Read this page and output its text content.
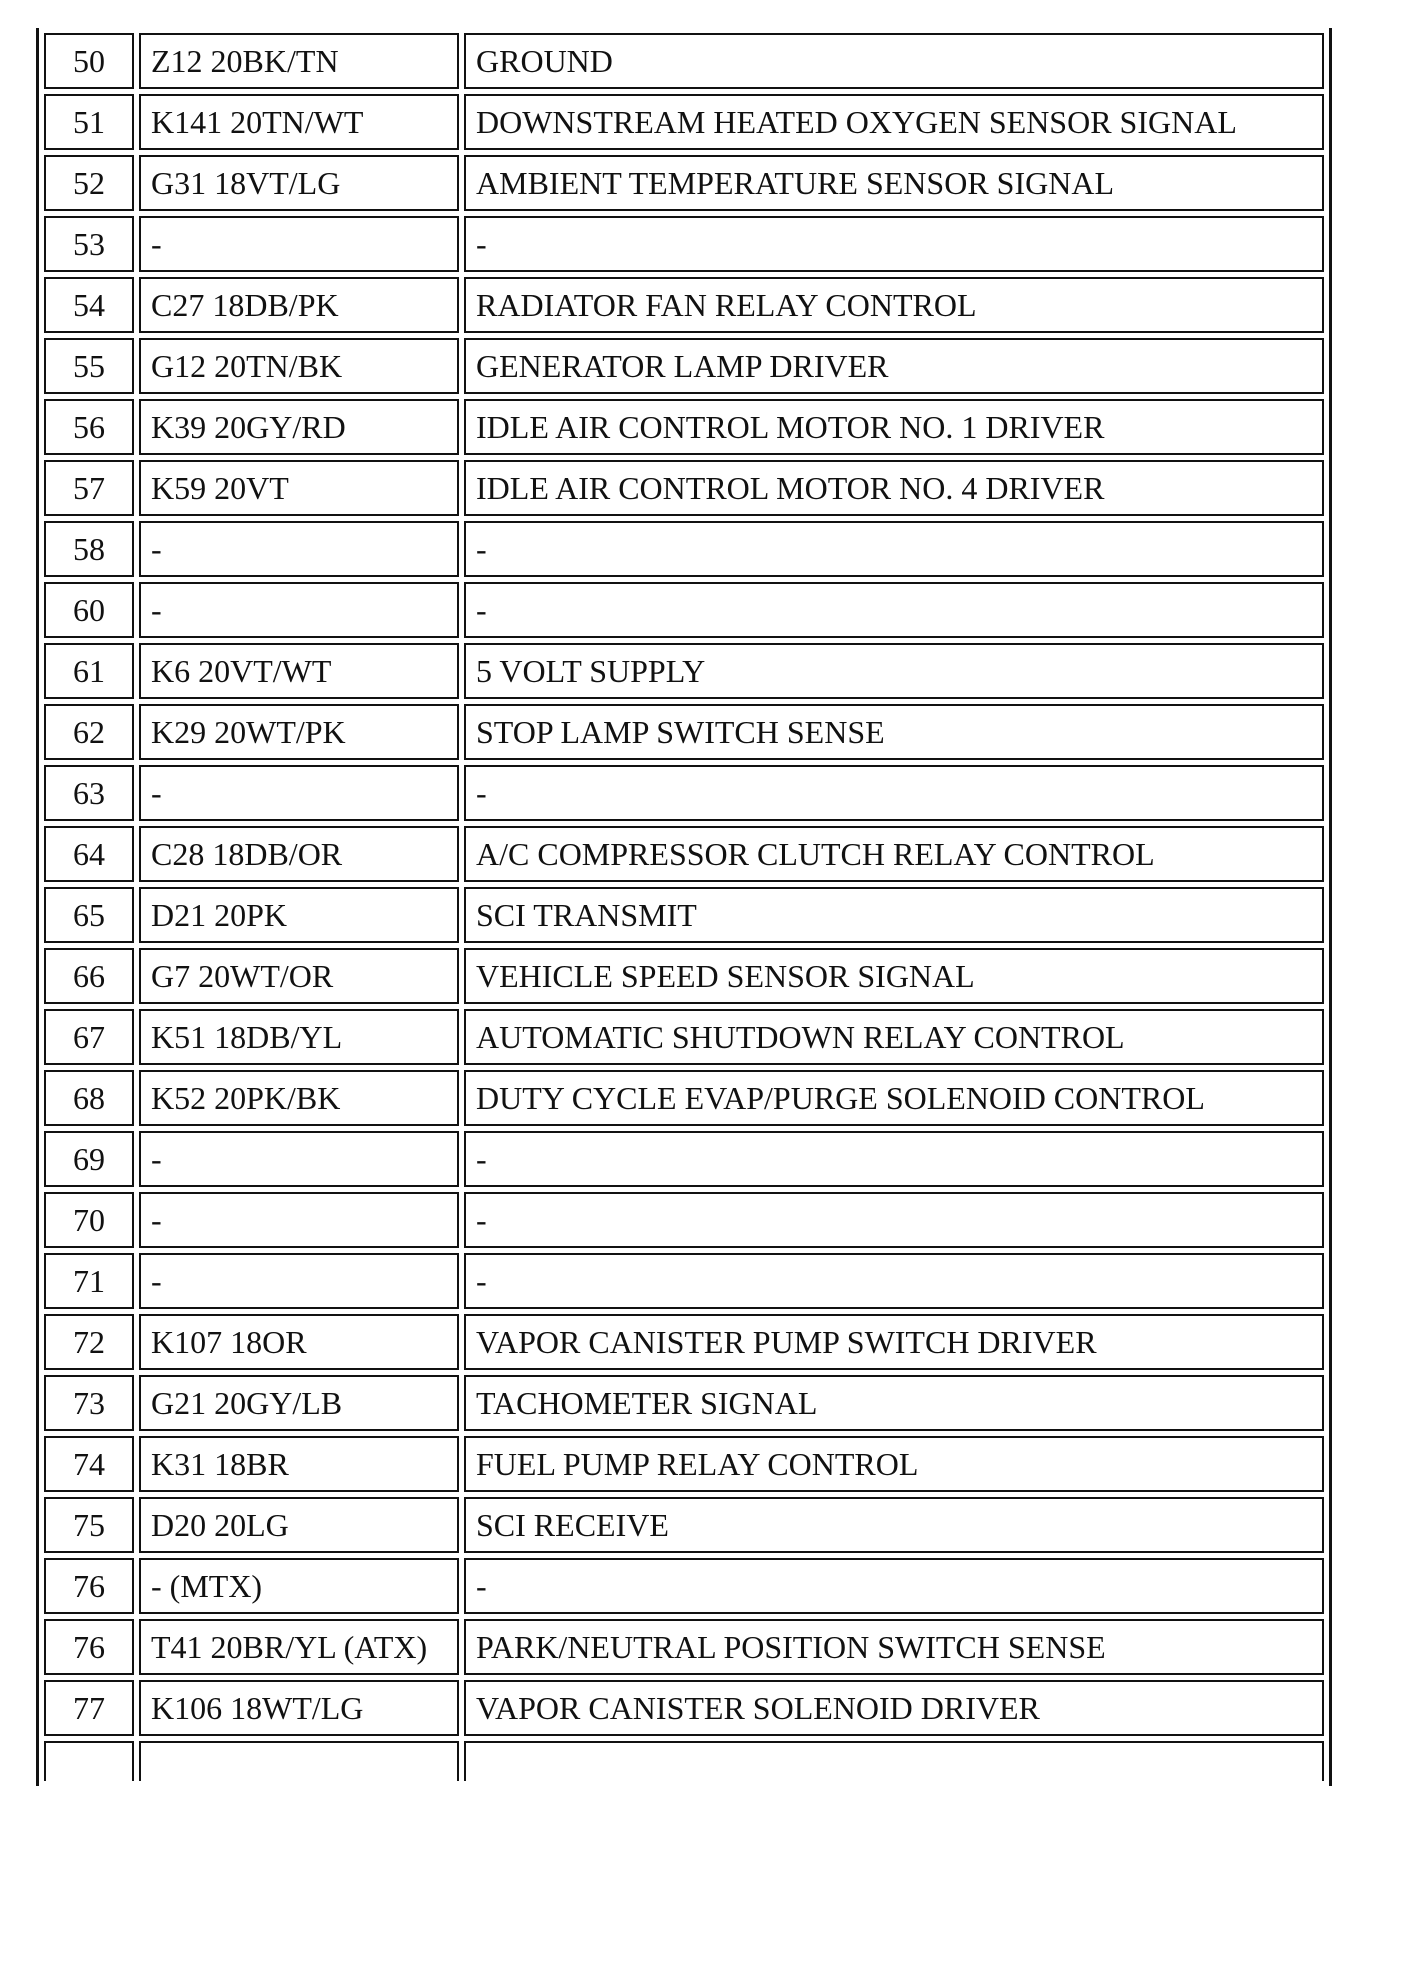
50	Z12 20BK/TN	GROUND
51	K141 20TN/WT	DOWNSTREAM HEATED OXYGEN SENSOR SIGNAL
52	G31 18VT/LG	AMBIENT TEMPERATURE SENSOR SIGNAL
53	-	-
54	C27 18DB/PK	RADIATOR FAN RELAY CONTROL
55	G12 20TN/BK	GENERATOR LAMP DRIVER
56	K39 20GY/RD	IDLE AIR CONTROL MOTOR NO. 1 DRIVER
57	K59 20VT	IDLE AIR CONTROL MOTOR NO. 4 DRIVER
58	-	-
60	-	-
61	K6 20VT/WT	5 VOLT SUPPLY
62	K29 20WT/PK	STOP LAMP SWITCH SENSE
63	-	-
64	C28 18DB/OR	A/C COMPRESSOR CLUTCH RELAY CONTROL
65	D21 20PK	SCI TRANSMIT
66	G7 20WT/OR	VEHICLE SPEED SENSOR SIGNAL
67	K51 18DB/YL	AUTOMATIC SHUTDOWN RELAY CONTROL
68	K52 20PK/BK	DUTY CYCLE EVAP/PURGE SOLENOID CONTROL
69	-	-
70	-	-
71	-	-
72	K107 18OR	VAPOR CANISTER PUMP SWITCH DRIVER
73	G21 20GY/LB	TACHOMETER SIGNAL
74	K31 18BR	FUEL PUMP RELAY CONTROL
75	D20 20LG	SCI RECEIVE
76	- (MTX)	-
76	T41 20BR/YL (ATX)	PARK/NEUTRAL POSITION SWITCH SENSE
77	K106 18WT/LG	VAPOR CANISTER SOLENOID DRIVER
